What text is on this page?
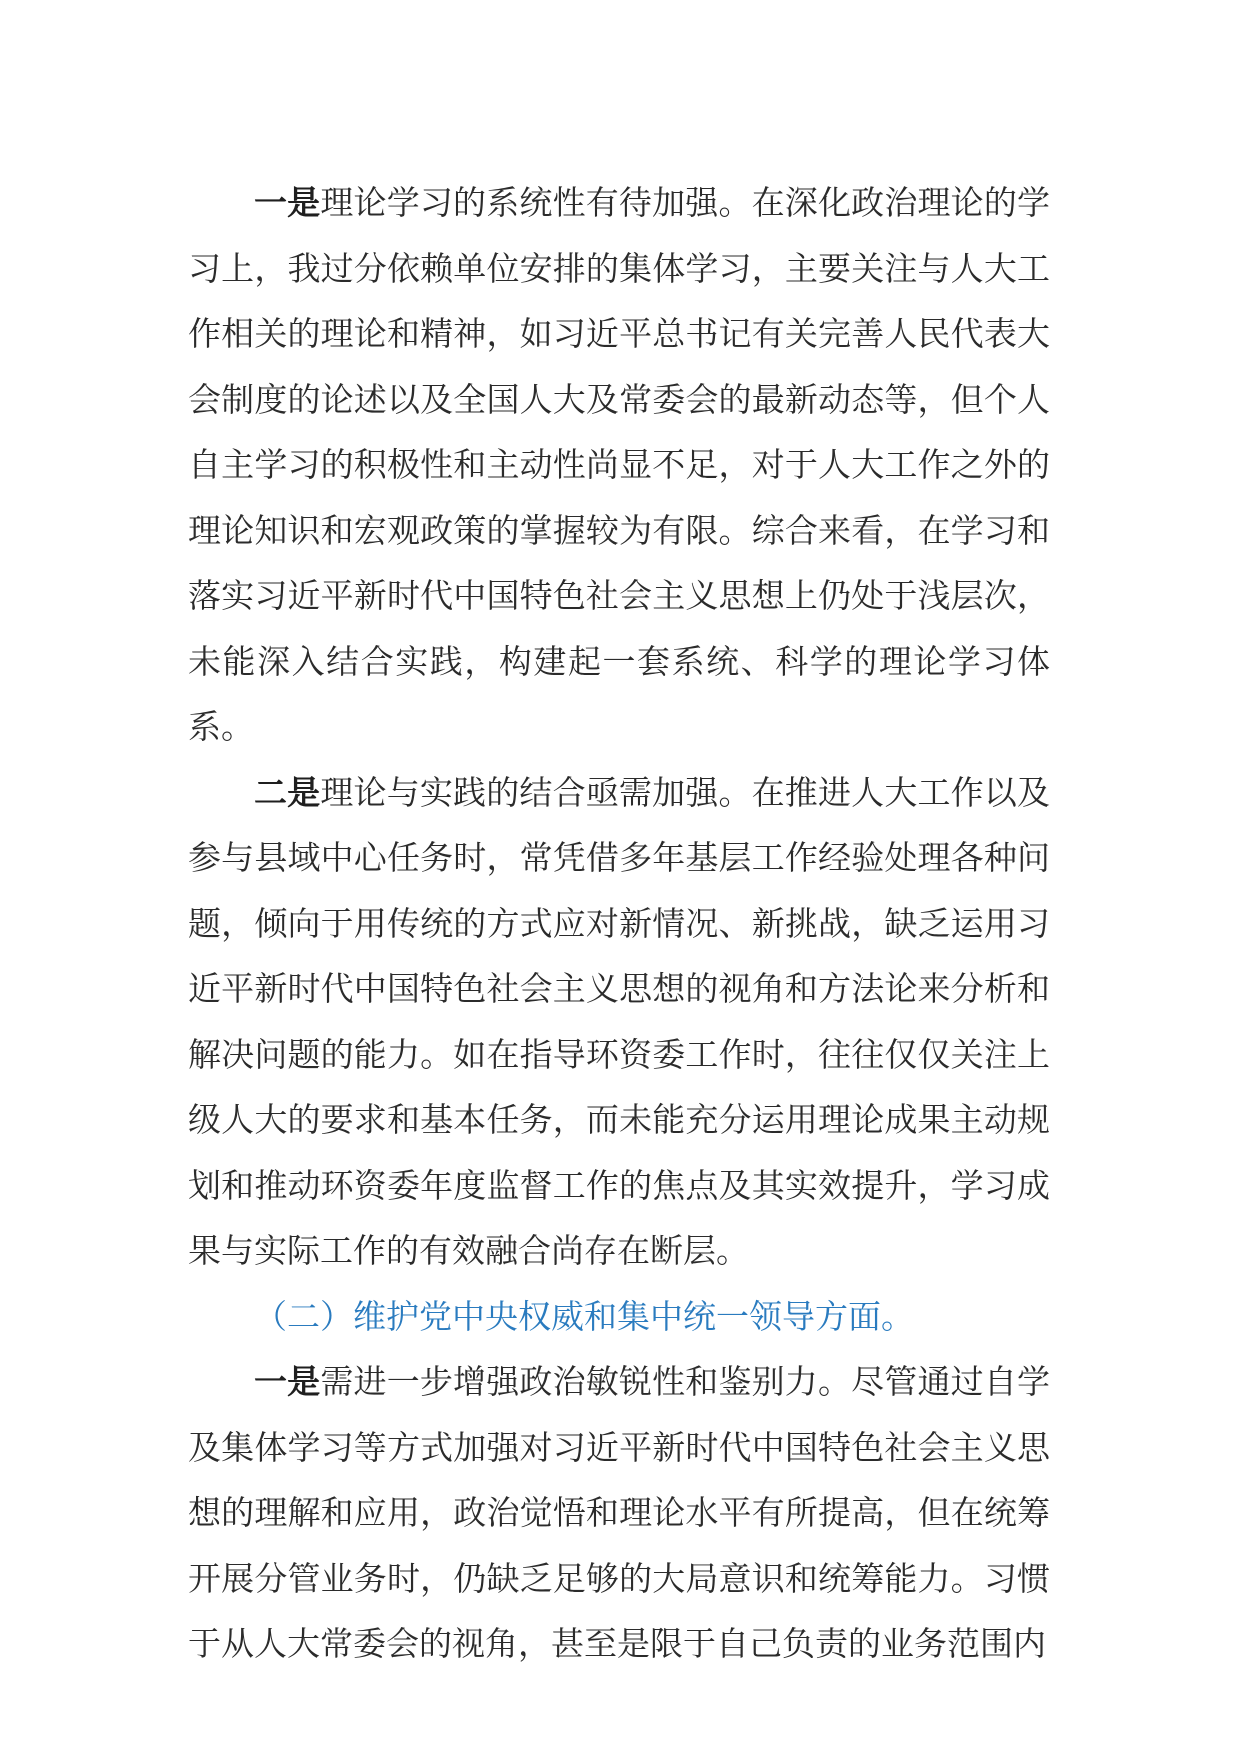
一是理论学习的系统性有待加强。在深化政治理论的学习上，我过分依赖单位安排的集体学习，主要关注与人大工作相关的理论和精神，如习近平总书记有关完善人民代表大会制度的论述以及全国人大及常委会的最新动态等，但个人自主学习的积极性和主动性尚显不足，对于人大工作之外的理论知识和宏观政策的掌握较为有限。综合来看，在学习和落实习近平新时代中国特色社会主义思想上仍处于浅层次，未能深入结合实践，构建起一套系统、科学的理论学习体系。

二是理论与实践的结合亟需加强。在推进人大工作以及参与县域中心任务时，常凭借多年基层工作经验处理各种问题，倾向于用传统的方式应对新情况、新挑战，缺乏运用习近平新时代中国特色社会主义思想的视角和方法论来分析和解决问题的能力。如在指导环资委工作时，往往仅仅关注上级人大的要求和基本任务，而未能充分运用理论成果主动规划和推动环资委年度监督工作的焦点及其实效提升，学习成果与实际工作的有效融合尚存在断层。

（二）维护党中央权威和集中统一领导方面。

一是需进一步增强政治敏锐性和鉴别力。尽管通过自学及集体学习等方式加强对习近平新时代中国特色社会主义思想的理解和应用，政治觉悟和理论水平有所提高，但在统筹开展分管业务时，仍缺乏足够的大局意识和统筹能力。习惯于从人大常委会的视角，甚至是限于自己负责的业务范围内
